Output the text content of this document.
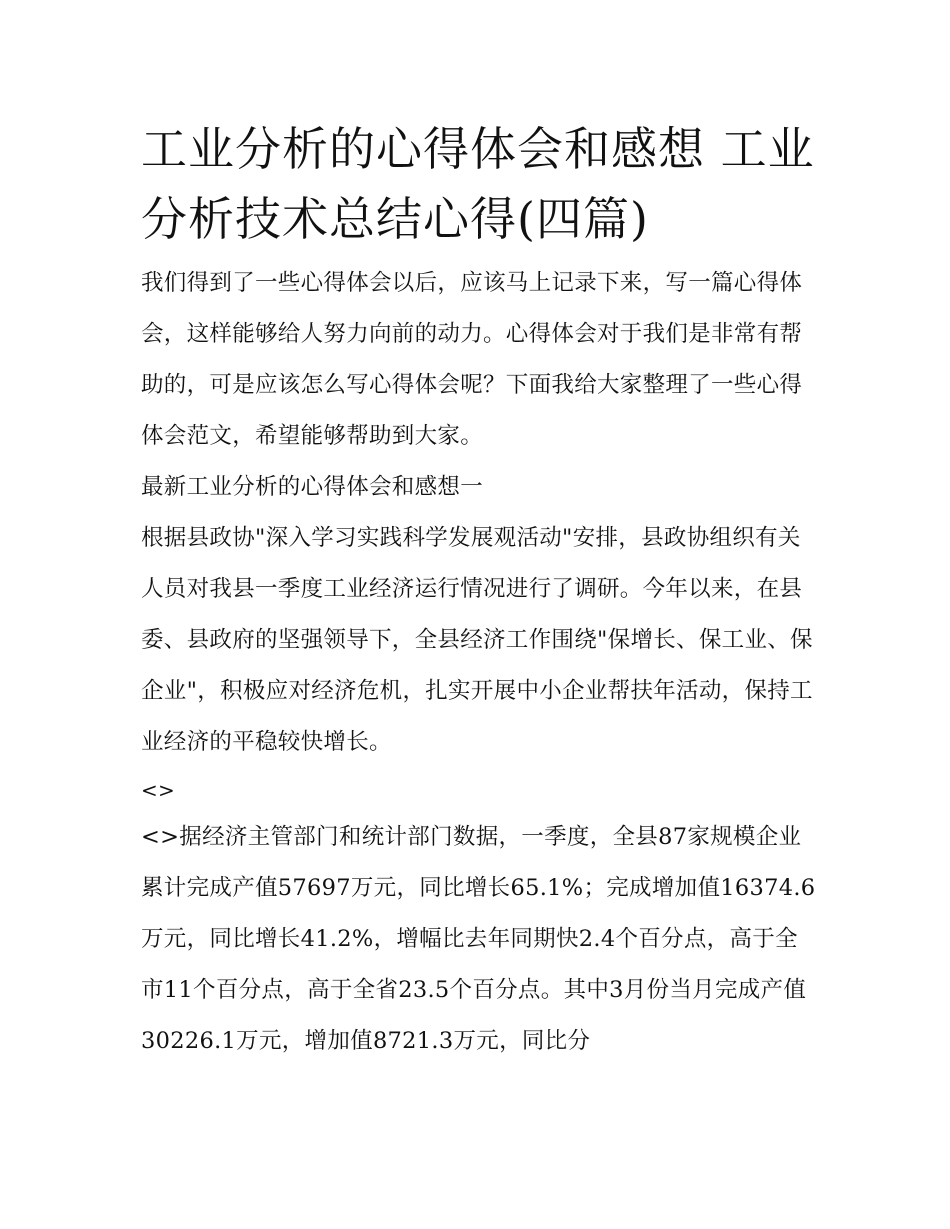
工业分析的心得体会和感想 工业分析技术总结心得(四篇)

我们得到了一些心得体会以后，应该马上记录下来，写一篇心得体会，这样能够给人努力向前的动力。心得体会对于我们是非常有帮助的，可是应该怎么写心得体会呢？下面我给大家整理了一些心得体会范文，希望能够帮助到大家。

最新工业分析的心得体会和感想一

根据县政协"深入学习实践科学发展观活动"安排，县政协组织有关人员对我县一季度工业经济运行情况进行了调研。今年以来，在县委、县政府的坚强领导下，全县经济工作围绕"保增长、保工业、保企业"，积极应对经济危机，扎实开展中小企业帮扶年活动，保持工业经济的平稳较快增长。

<>

<>据经济主管部门和统计部门数据，一季度，全县87家规模企业累计完成产值57697万元，同比增长65.1%；完成增加值16374.6万元，同比增长41.2%，增幅比去年同期快2.4个百分点，高于全市11个百分点，高于全省23.5个百分点。其中3月份当月完成产值30226.1万元，增加值8721.3万元，同比分
